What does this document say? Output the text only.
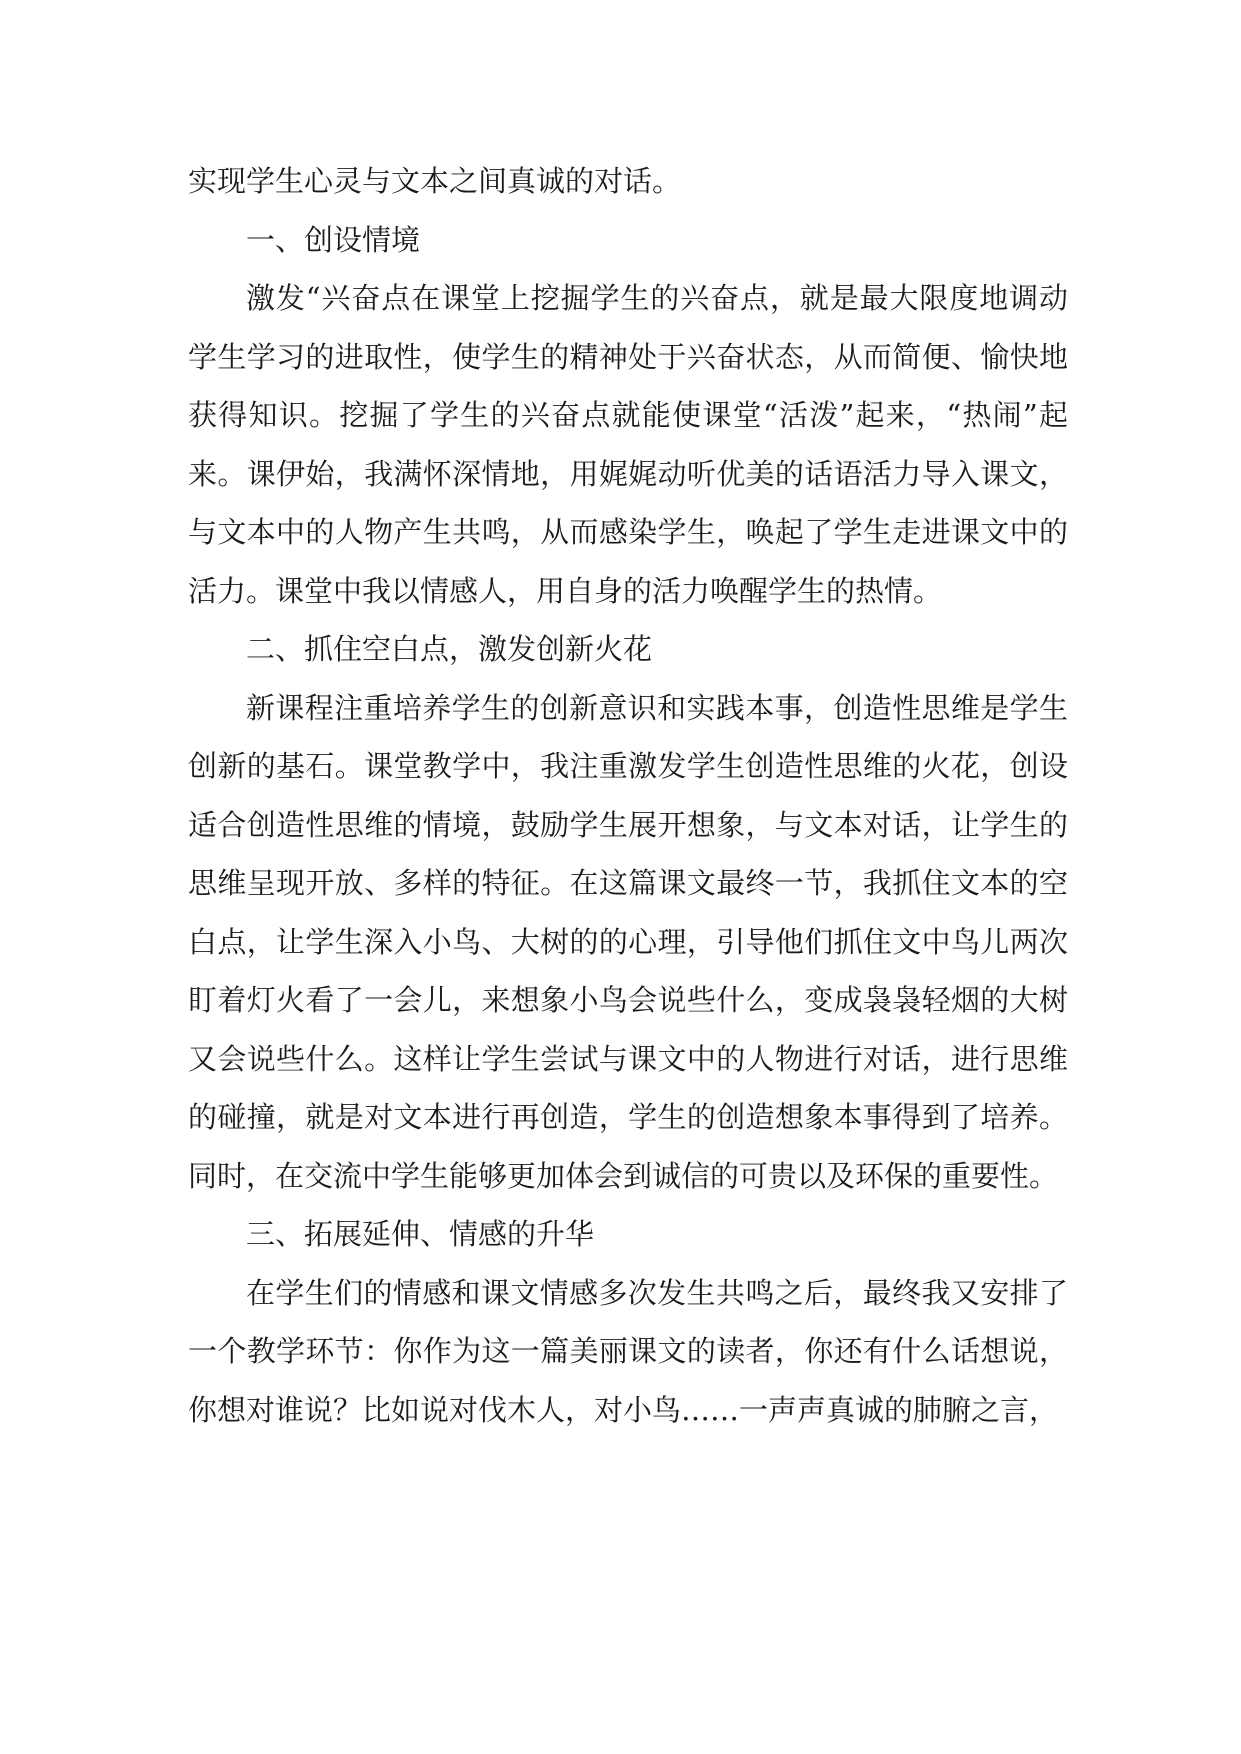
实现学生心灵与文本之间真诚的对话。

一、创设情境

激发“兴奋点在课堂上挖掘学生的兴奋点，就是最大限度地调动学生学习的进取性，使学生的精神处于兴奋状态，从而简便、愉快地获得知识。挖掘了学生的兴奋点就能使课堂“活泼”起来，“热闹”起来。课伊始，我满怀深情地，用娓娓动听优美的话语活力导入课文，与文本中的人物产生共鸣，从而感染学生，唤起了学生走进课文中的活力。课堂中我以情感人，用自身的活力唤醒学生的热情。

二、抓住空白点，激发创新火花

新课程注重培养学生的创新意识和实践本事，创造性思维是学生创新的基石。课堂教学中，我注重激发学生创造性思维的火花，创设适合创造性思维的情境，鼓励学生展开想象，与文本对话，让学生的思维呈现开放、多样的特征。在这篇课文最终一节，我抓住文本的空白点，让学生深入小鸟、大树的的心理，引导他们抓住文中鸟儿两次盯着灯火看了一会儿，来想象小鸟会说些什么，变成袅袅轻烟的大树又会说些什么。这样让学生尝试与课文中的人物进行对话，进行思维的碰撞，就是对文本进行再创造，学生的创造想象本事得到了培养。同时，在交流中学生能够更加体会到诚信的可贵以及环保的重要性。

三、拓展延伸、情感的升华

在学生们的情感和课文情感多次发生共鸣之后，最终我又安排了一个教学环节：你作为这一篇美丽课文的读者，你还有什么话想说，你想对谁说？比如说对伐木人，对小鸟……一声声真诚的肺腑之言，
